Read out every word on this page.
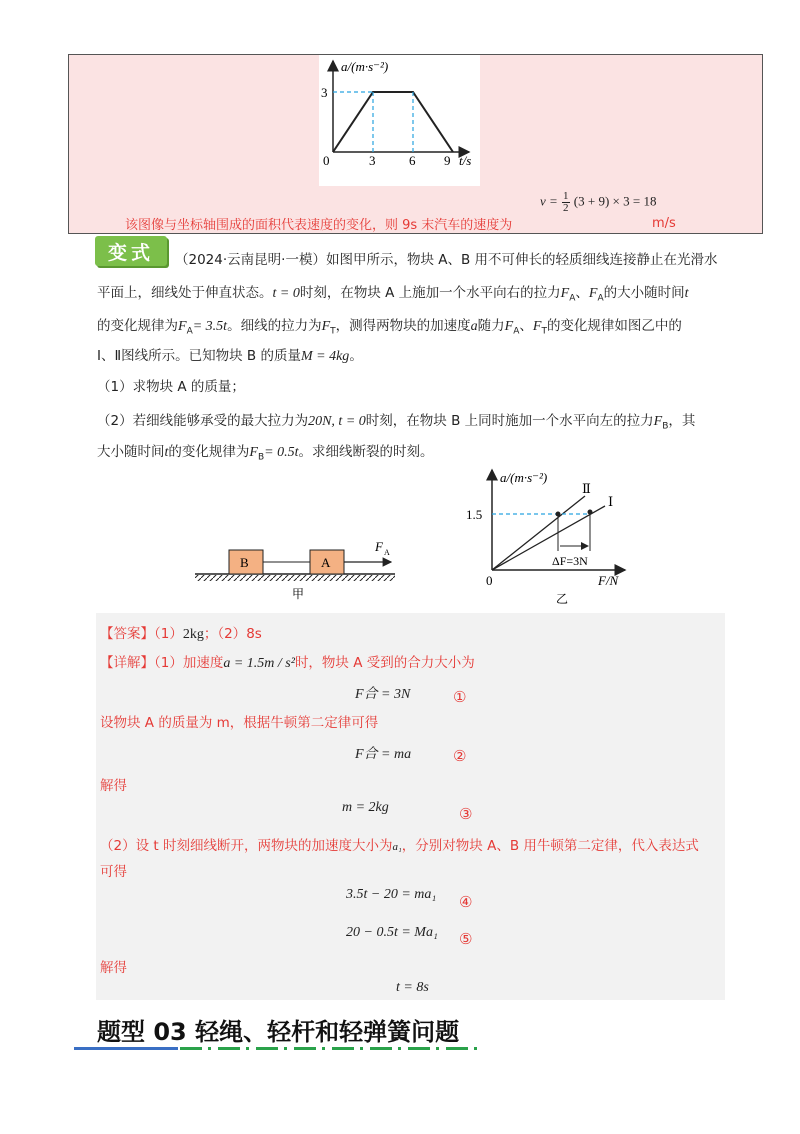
a/(m·s⁻²)
3
0	3	6 9 t/s
$v = \frac{1}{2} (3 + 9) \times 3 = 18$
该图像与坐标轴围成的面积代表速度的变化，则 9s 末汽车的速度为	m/s
变式	（2024·云南昆明·一模）如图甲所示，物块 A、B 用不可伸长的轻质细线连接静止在光滑水
平面上，细线处于伸直状态。t = 0时刻，在物块 A 上施加一个水平向右的拉力$F_A$、$F_A$的大小随时间t
的变化规律为$F_A= 3.5t$。细线的拉力为$F_T$，测得两物块的加速度a随力$F_A$、$F_T$的变化规律如图乙中的
Ⅰ、Ⅱ图线所示。已知物块 B 的质量M = 4kg。
（1）求物块 A 的质量；
（2）若细线能够承受的最大拉力为20N, t = 0时刻，在物块 B 上同时施加一个水平向左的拉力$F_B$，其
大小随时间t的变化规律为$F_B= 0.5t$。求细线断裂的时刻。
B	A
F A
甲
a/(m·s⁻²)
1.5
0
Ⅱ
Ⅰ
ΔF=3N
F/N
乙
【答案】（1）2kg；（2）8s
【详解】（1）加速度a = 1.5m / s²时，物块 A 受到的合力大小为
F合 = 3N	①
设物块 A 的质量为 m，根据牛顿第二定律可得
F合 = ma	②
解得
m = 2kg	③
（2）设 t 时刻细线断开，两物块的加速度大小为a₁，分别对物块 A、B 用牛顿第二定律，代入表达式
可得
3.5t − 20 = ma₁ ④
20 − 0.5t = Ma₁ ⑤
解得
t = 8s
题型 03 轻绳、轻杆和轻弹簧问题
